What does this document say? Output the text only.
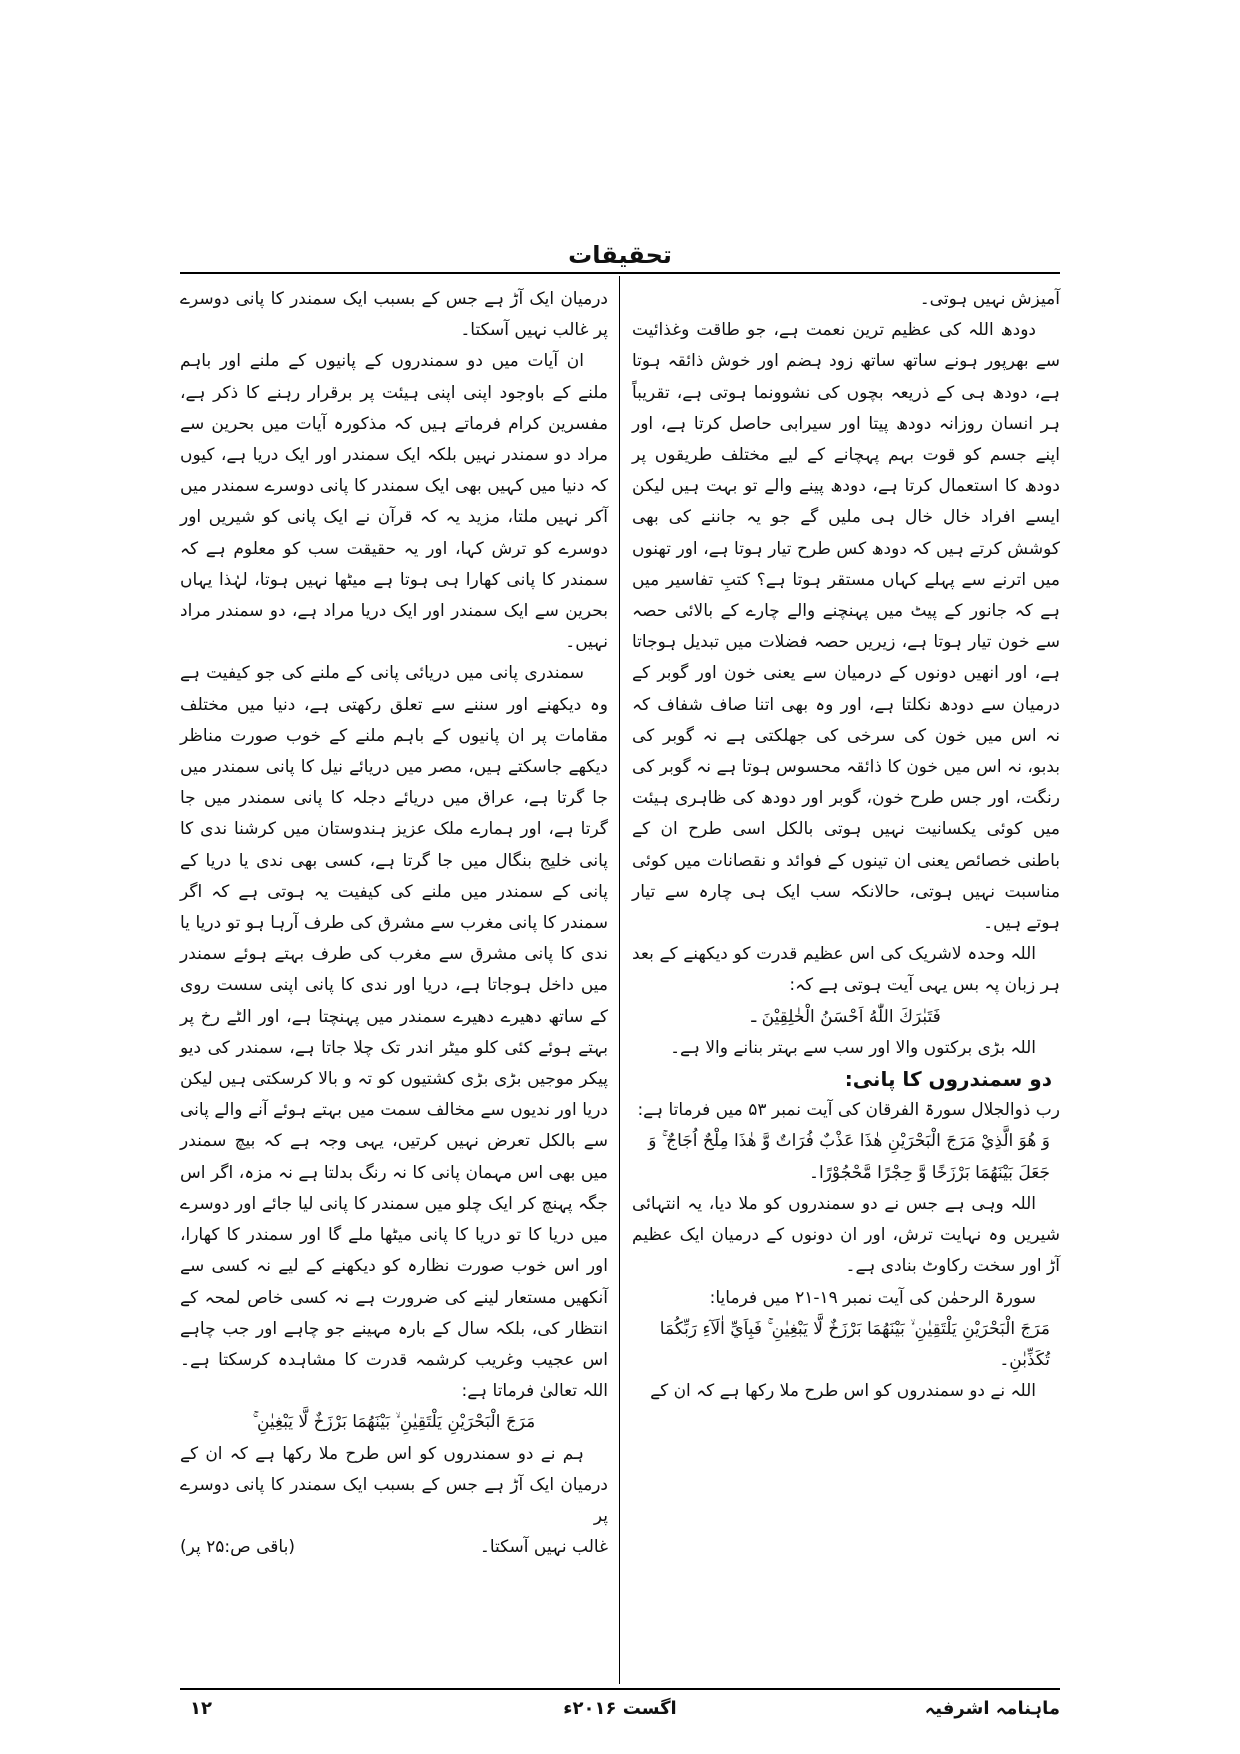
تحقیقات

آمیزش نہیں ہوتی۔

دودھ اللہ کی عظیم ترین نعمت ہے، جو طاقت وغذائیت سے بھرپور ہونے ساتھ ساتھ زود ہضم اور خوش ذائقہ ہوتا ہے، دودھ ہی کے ذریعہ بچوں کی نشوونما ہوتی ہے، تقریباً ہر انسان روزانہ دودھ پیتا اور سیرابی حاصل کرتا ہے، اور اپنے جسم کو قوت بہم پہچانے کے لیے مختلف طریقوں پر دودھ کا استعمال کرتا ہے، دودھ پینے والے تو بہت ہیں لیکن ایسے افراد خال خال ہی ملیں گے جو یہ جاننے کی بھی کوشش کرتے ہیں کہ دودھ کس طرح تیار ہوتا ہے، اور تھنوں میں اترنے سے پہلے کہاں مستقر ہوتا ہے؟ کتبِ تفاسیر میں ہے کہ جانور کے پیٹ میں پہنچنے والے چارے کے بالائی حصہ سے خون تیار ہوتا ہے، زیریں حصہ فضلات میں تبدیل ہوجاتا ہے، اور انھیں دونوں کے درمیان سے یعنی خون اور گوبر کے درمیان سے دودھ نکلتا ہے، اور وہ بھی اتنا صاف شفاف کہ نہ اس میں خون کی سرخی کی جھلکتی ہے نہ گوبر کی بدبو، نہ اس میں خون کا ذائقہ محسوس ہوتا ہے نہ گوبر کی رنگت، اور جس طرح خون، گوبر اور دودھ کی ظاہری ہیئت میں کوئی یکسانیت نہیں ہوتی بالکل اسی طرح ان کے باطنی خصائص یعنی ان تینوں کے فوائد و نقصانات میں کوئی مناسبت نہیں ہوتی، حالانکہ سب ایک ہی چارہ سے تیار ہوتے ہیں۔

اللہ وحدہ لاشریک کی اس عظیم قدرت کو دیکھنے کے بعد ہر زبان پہ بس یہی آیت ہوتی ہے کہ:

فَتَبٰرَكَ اللّٰهُ اَحْسَنُ الْخٰلِقِيْنَ ـ

اللہ بڑی برکتوں والا اور سب سے بہتر بنانے والا ہے۔

دو سمندروں کا پانی:

رب ذوالجلال سورۃ الفرقان کی آیت نمبر ۵۳ میں فرماتا ہے:

وَ هُوَ الَّذِيْ مَرَجَ الْبَحْرَيْنِ هٰذَا عَذْبٌ فُرَاتٌ وَّ هٰذَا مِلْحٌ اُجَاجٌ ۚ وَ جَعَلَ بَيْنَهُمَا بَرْزَخًا وَّ حِجْرًا مَّحْجُوْرًا۔

اللہ وہی ہے جس نے دو سمندروں کو ملا دیا، یہ انتہائی شیریں وہ نہایت ترش، اور ان دونوں کے درمیان ایک عظیم آڑ اور سخت رکاوٹ بنادی ہے۔

سورۃ الرحمٰن کی آیت نمبر ۱۹-۲۱ میں فرمایا:

مَرَجَ الْبَحْرَيْنِ يَلْتَقِيٰنِ ۙ بَيْنَهُمَا بَرْزَخٌ لَّا يَبْغِيٰنِ ۚ فَبِاَيِّ اٰلَآءِ رَبِّكُمَا تُكَذِّبٰنِ۔

اللہ نے دو سمندروں کو اس طرح ملا رکھا ہے کہ ان کے

درمیان ایک آڑ ہے جس کے بسبب ایک سمندر کا پانی دوسرے پر غالب نہیں آسکتا۔

ان آیات میں دو سمندروں کے پانیوں کے ملنے اور باہم ملنے کے باوجود اپنی اپنی ہیئت پر برقرار رہنے کا ذکر ہے، مفسرین کرام فرماتے ہیں کہ مذکورہ آیات میں بحرین سے مراد دو سمندر نہیں بلکہ ایک سمندر اور ایک دریا ہے، کیوں کہ دنیا میں کہیں بھی ایک سمندر کا پانی دوسرے سمندر میں آکر نہیں ملتا، مزید یہ کہ قرآن نے ایک پانی کو شیریں اور دوسرے کو ترش کہا، اور یہ حقیقت سب کو معلوم ہے کہ سمندر کا پانی کھارا ہی ہوتا ہے میٹھا نہیں ہوتا، لہٰذا یہاں بحرین سے ایک سمندر اور ایک دریا مراد ہے، دو سمندر مراد نہیں۔

سمندری پانی میں دریائی پانی کے ملنے کی جو کیفیت ہے وہ دیکھنے اور سننے سے تعلق رکھتی ہے، دنیا میں مختلف مقامات پر ان پانیوں کے باہم ملنے کے خوب صورت مناظر دیکھے جاسکتے ہیں، مصر میں دریائے نیل کا پانی سمندر میں جا گرتا ہے، عراق میں دریائے دجلہ کا پانی سمندر میں جا گرتا ہے، اور ہمارے ملک عزیز ہندوستان میں کرشنا ندی کا پانی خلیج بنگال میں جا گرتا ہے، کسی بھی ندی یا دریا کے پانی کے سمندر میں ملنے کی کیفیت یہ ہوتی ہے کہ اگر سمندر کا پانی مغرب سے مشرق کی طرف آرہا ہو تو دریا یا ندی کا پانی مشرق سے مغرب کی طرف بہتے ہوئے سمندر میں داخل ہوجاتا ہے، دریا اور ندی کا پانی اپنی سست روی کے ساتھ دھیرے دھیرے سمندر میں پہنچتا ہے، اور الٹے رخ پر بہتے ہوئے کئی کلو میٹر اندر تک چلا جاتا ہے، سمندر کی دیو پیکر موجیں بڑی بڑی کشتیوں کو تہ و بالا کرسکتی ہیں لیکن دریا اور ندیوں سے مخالف سمت میں بہتے ہوئے آنے والے پانی سے بالکل تعرض نہیں کرتیں، یہی وجہ ہے کہ بیچ سمندر میں بھی اس مہمان پانی کا نہ رنگ بدلتا ہے نہ مزہ، اگر اس جگہ پہنچ کر ایک چلو میں سمندر کا پانی لیا جائے اور دوسرے میں دریا کا تو دریا کا پانی میٹھا ملے گا اور سمندر کا کھارا، اور اس خوب صورت نظارہ کو دیکھنے کے لیے نہ کسی سے آنکھیں مستعار لینے کی ضرورت ہے نہ کسی خاص لمحہ کے انتظار کی، بلکہ سال کے بارہ مہینے جو چاہے اور جب چاہے اس عجیب وغریب کرشمہ قدرت کا مشاہدہ کرسکتا ہے۔ اللہ تعالیٰ فرماتا ہے:

مَرَجَ الْبَحْرَيْنِ يَلْتَقِيٰنِ ۙ بَيْنَهُمَا بَرْزَخٌ لَّا يَبْغِيٰنِ ۚ

ہم نے دو سمندروں کو اس طرح ملا رکھا ہے کہ ان کے درمیان ایک آڑ ہے جس کے بسبب ایک سمندر کا پانی دوسرے پر

غالب نہیں آسکتا۔
(باقی ص:۲۵ پر)

ماہنامہ اشرفیہ
اگست ۲۰۱۶ء
۱۲
